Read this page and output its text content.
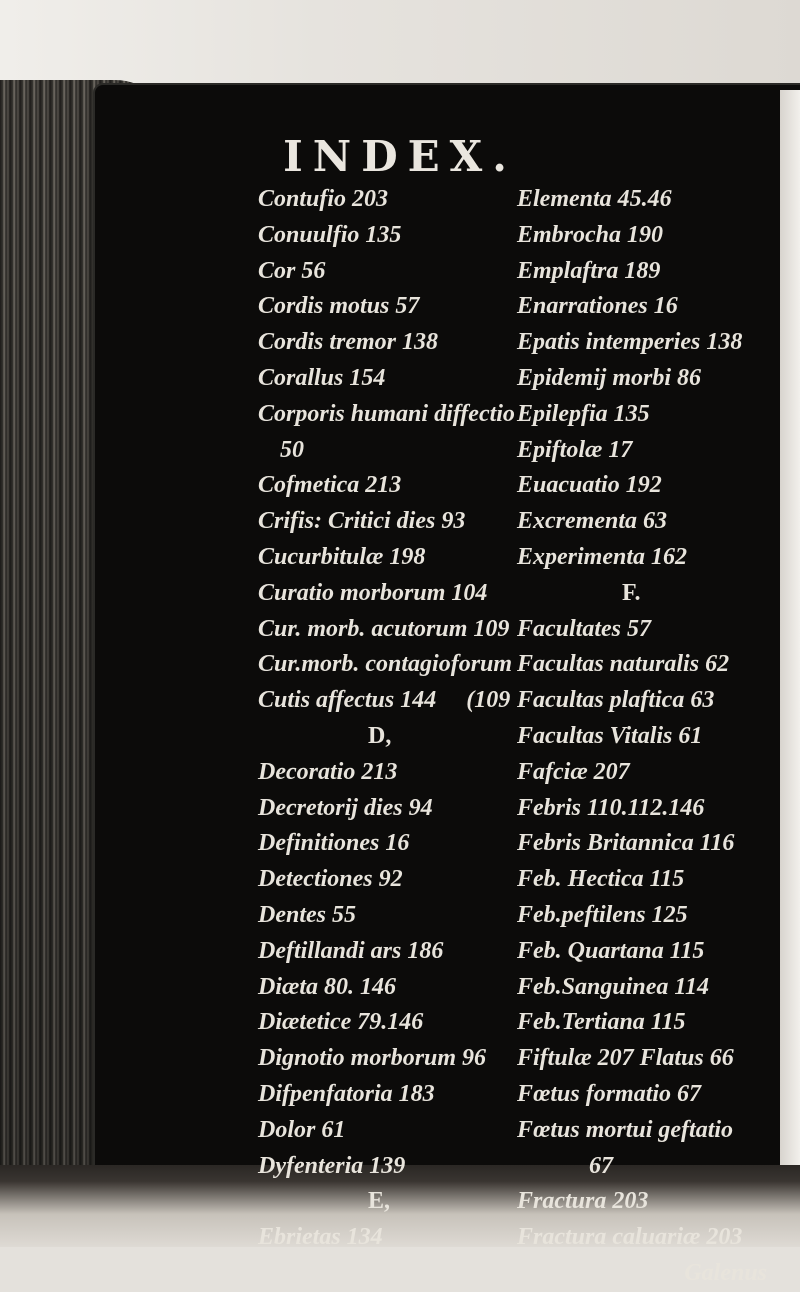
INDEX.
Contufio 203
Conuulfio 135
Cor 56
Cordis motus 57
Cordis tremor 138
Corallus 154
Corporis humani diffectio
50
Cofmetica 213
Crifis: Critici dies 93
Cucurbitulæ 198
Curatio morborum 104
Cur. morb. acutorum 109
Cur.morb. contagioforum
Cutis affectus 144     (109
D,
Decoratio 213
Decretorij dies 94
Definitiones 16
Detectiones 92
Dentes 55
Deftillandi ars 186
Diæta 80. 146
Diætetice 79.146
Dignotio morborum 96
Difpenfatoria 183
Dolor 61
Dyfenteria 139
E,
Ebrietas 134
Elementa 45.46
Embrocha 190
Emplaftra 189
Enarrationes 16
Epatis intemperies 138
Epidemij morbi 86
Epilepfia 135
Epiftolæ 17
Euacuatio 192
Excrementa 63
Experimenta 162
F.
Facultates 57
Facultas naturalis 62
Facultas plaftica 63
Facultas Vitalis 61
Fafciæ 207
Febris 110.112.146
Febris Britannica 116
Feb. Hectica 115
Feb.peftilens 125
Feb. Quartana 115
Feb.Sanguinea 114
Feb.Tertiana 115
Fiftulæ 207 Flatus 66
Fœtus formatio 67
Fœtus mortui geftatio
67
Fractura 203
Fractura caluariæ 203
Galenus
